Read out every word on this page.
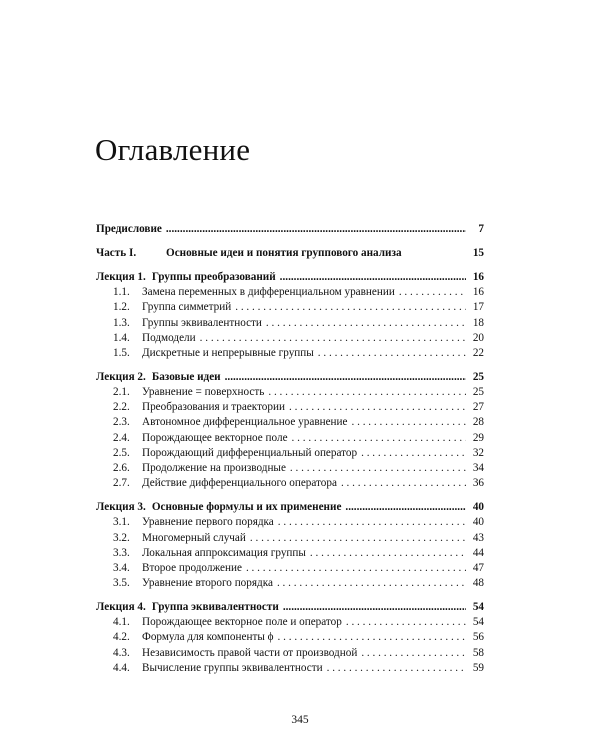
Оглавление
Предисловие .....	7
Часть I.	Основные идеи и понятия группового анализа	15
Лекция 1. Группы преобразований .....	16
1.1.	Замена переменных в дифференциальном уравнении . . .	16
1.2.	Группа симметрий . . .	17
1.3.	Группы эквивалентности . . .	18
1.4.	Подмодели . . .	20
1.5.	Дискретные и непрерывные группы . . .	22
Лекция 2. Базовые идеи .....	25
2.1.	Уравнение = поверхность . . .	25
2.2.	Преобразования и траектории . . .	27
2.3.	Автономное дифференциальное уравнение . . .	28
2.4.	Порождающее векторное поле . . .	29
2.5.	Порождающий дифференциальный оператор . . .	32
2.6.	Продолжение на производные . . .	34
2.7.	Действие дифференциального оператора . . .	36
Лекция 3. Основные формулы и их применение .....	40
3.1.	Уравнение первого порядка . . .	40
3.2.	Многомерный случай . . .	43
3.3.	Локальная аппроксимация группы . . .	44
3.4.	Второе продолжение . . .	47
3.5.	Уравнение второго порядка . . .	48
Лекция 4. Группа эквивалентности .....	54
4.1.	Порождающее векторное поле и оператор . . .	54
4.2.	Формула для компоненты ϕ . . .	56
4.3.	Независимость правой части от производной . . .	58
4.4.	Вычисление группы эквивалентности . . .	59
345
